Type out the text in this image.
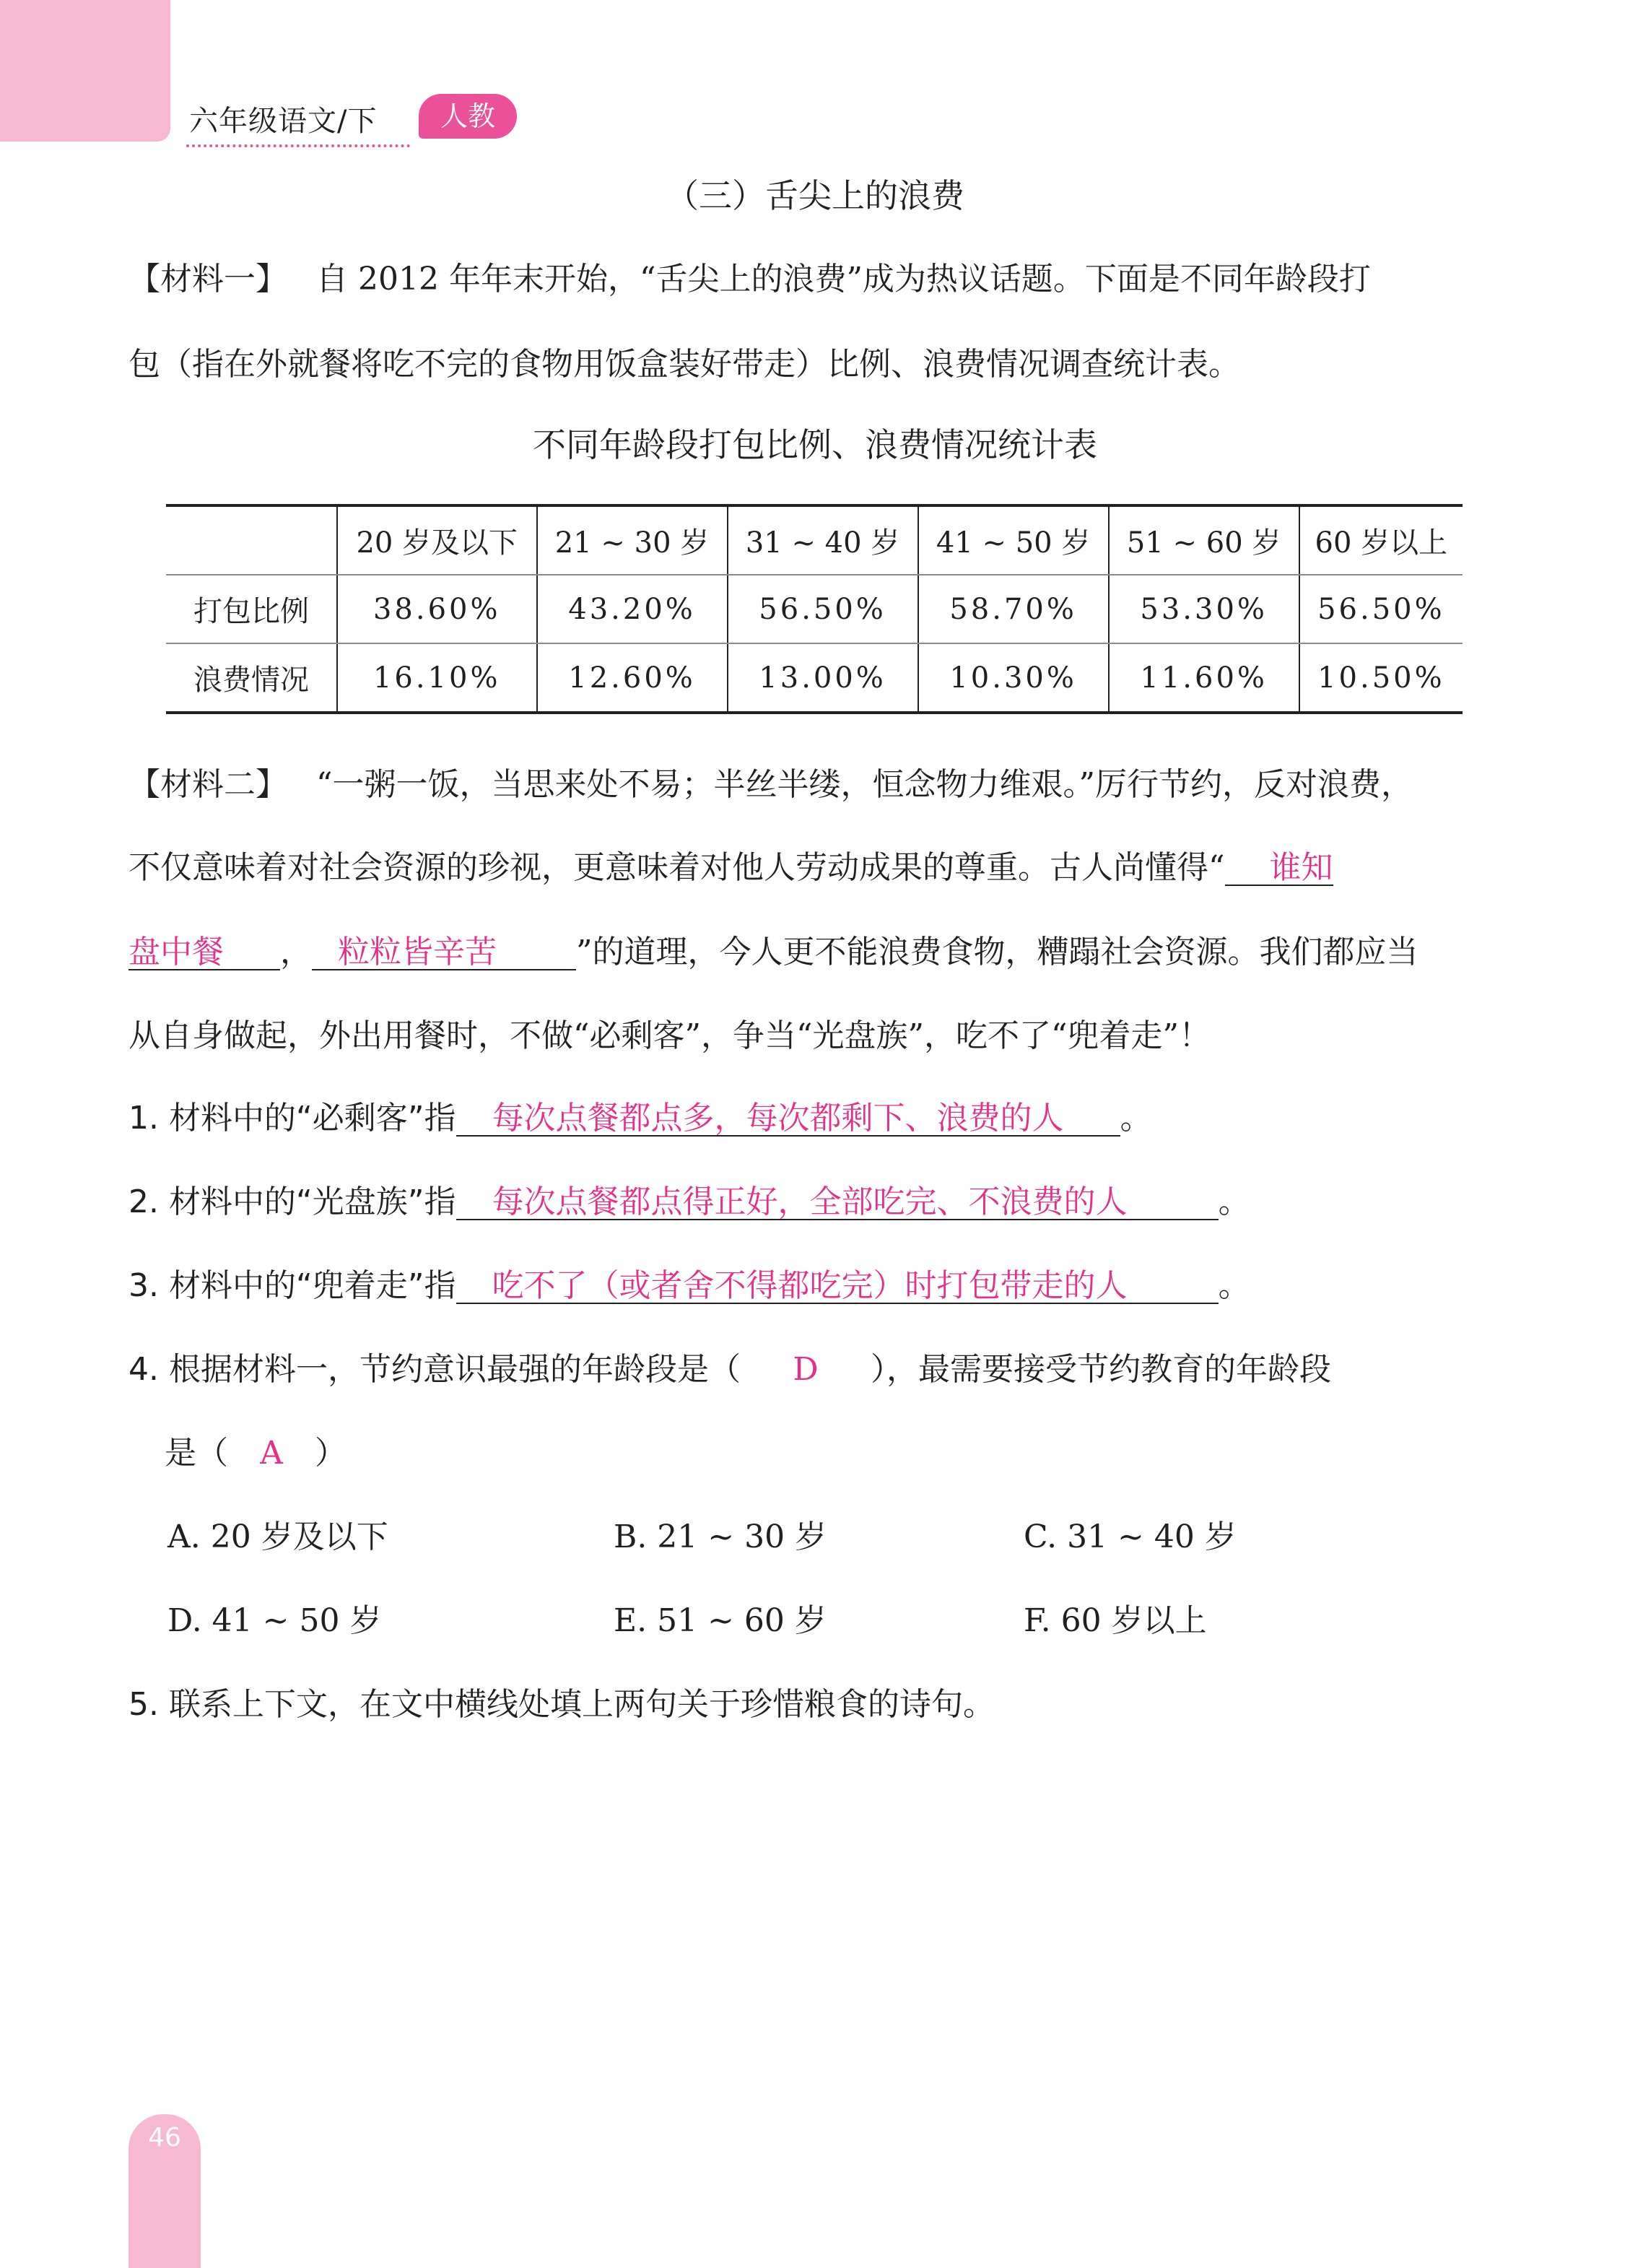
六年级语文/下	人教
（三）舌尖上的浪费
【材料一】 自 2012 年年末开始，“舌尖上的浪费”成为热议话题。下面是不同年龄段打
包（指在外就餐将吃不完的食物用饭盒装好带走）比例、浪费情况调查统计表。
不同年龄段打包比例、浪费情况统计表
	20 岁及以下	21 ~ 30 岁	31 ~ 40 岁	41 ~ 50 岁	51 ~ 60 岁	60 岁以上
打包比例	38.60%	43.20%	56.50%	58.70%	53.30%	56.50%
浪费情况	16.10%	12.60%	13.00%	10.30%	11.60%	10.50%
【材料二】 “一粥一饭，当思来处不易；半丝半缕，恒念物力维艰。”厉行节约，反对浪费，
不仅意味着对社会资源的珍视，更意味着对他人劳动成果的尊重。古人尚懂得“ 谁知
盘中餐 ， 粒粒皆辛苦	”的道理，今人更不能浪费食物，糟蹋社会资源。我们都应当
从自身做起，外出用餐时，不做“必剩客”，争当“光盘族”，吃不了“兜着走”！
1. 材料中的“必剩客”指 每次点餐都点多，每次都剩下、浪费的人 。
2. 材料中的“光盘族”指 每次点餐都点得正好，全部吃完、不浪费的人	。
3. 材料中的“兜着走”指 吃不了（或者舍不得都吃完）时打包带走的人	。
4. 根据材料一，节约意识最强的年龄段是（ D ），最需要接受节约教育的年龄段
是（ A ）
A. 20 岁及以下	B. 21 ~ 30 岁	C. 31 ~ 40 岁
D. 41 ~ 50 岁	E. 51 ~ 60 岁	F. 60 岁以上
5. 联系上下文，在文中横线处填上两句关于珍惜粮食的诗句。
46
